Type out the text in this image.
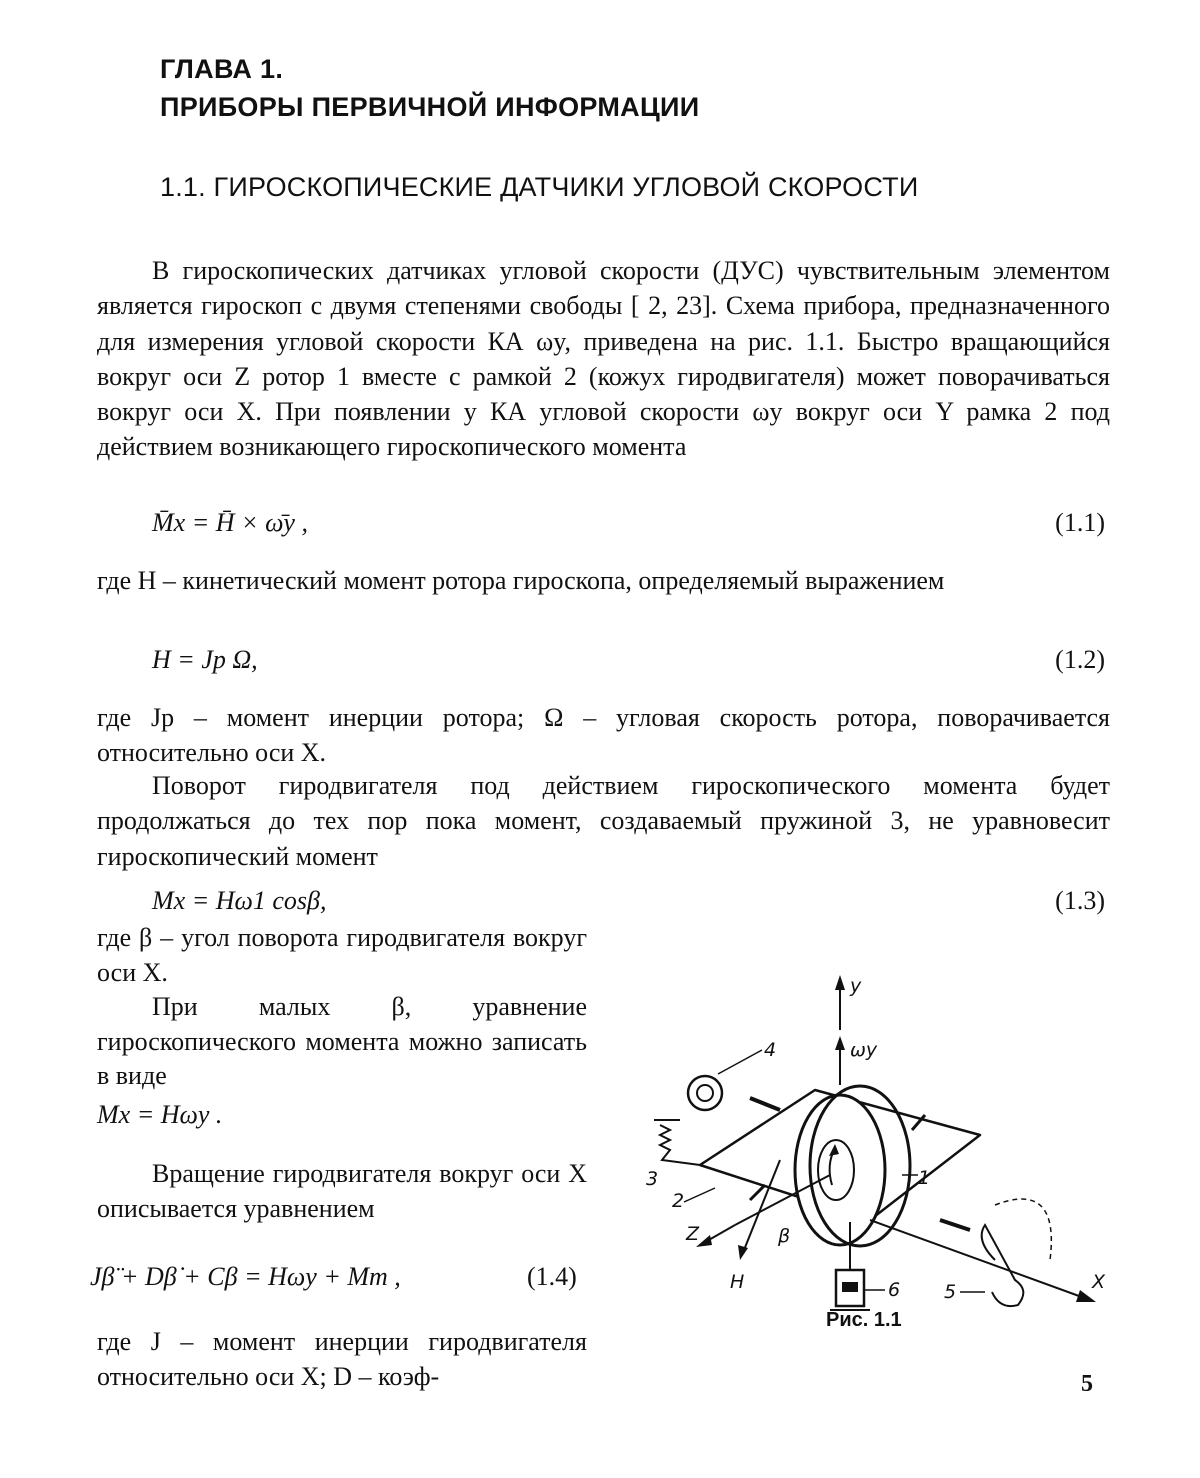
ГЛАВА 1.
ПРИБОРЫ ПЕРВИЧНОЙ ИНФОРМАЦИИ
1.1. ГИРОСКОПИЧЕСКИЕ ДАТЧИКИ УГЛОВОЙ СКОРОСТИ

В гироскопических датчиках угловой скорости (ДУС) чувствительным элементом является гироскоп с двумя степенями свободы [ 2, 23]. Схема прибора, предназначенного для измерения угловой скорости КА ωy, приведена на рис. 1.1. Быстро вращающийся вокруг оси Z ротор 1 вместе с рамкой 2 (кожух гиродвигателя) может поворачиваться вокруг оси X. При появлении у КА угловой скорости ωy вокруг оси Y рамка 2 под действием возникающего гироскопического момента

M̄x = H̄ × ω̄y ,	(1.1)

где H – кинетический момент ротора гироскопа, определяемый выражением

H = Jp Ω,	(1.2)

где Jp – момент инерции ротора; Ω – угловая скорость ротора, поворачивается относительно оси X.

Поворот гиродвигателя под действием гироскопического момента будет продолжаться до тех пор пока момент, создаваемый пружиной 3, не уравновесит гироскопический момент

Mx = Hω1 cosβ,	(1.3)

где β – угол поворота гиродвигателя вокруг оси X.

При малых β, уравнение гироскопического момента можно записать в виде

Mx = Hωy .

Вращение гиродвигателя вокруг оси X описывается уравнением

Jβ̈ + Dβ̇ + Cβ = Hωy + Mт ,	(1.4)

где J – момент инерции гиродвигателя относительно оси X; D – коэф-

y
ωy
4
3
2
1
Z
H
β
X
6 5
Рис. 1.1
5
